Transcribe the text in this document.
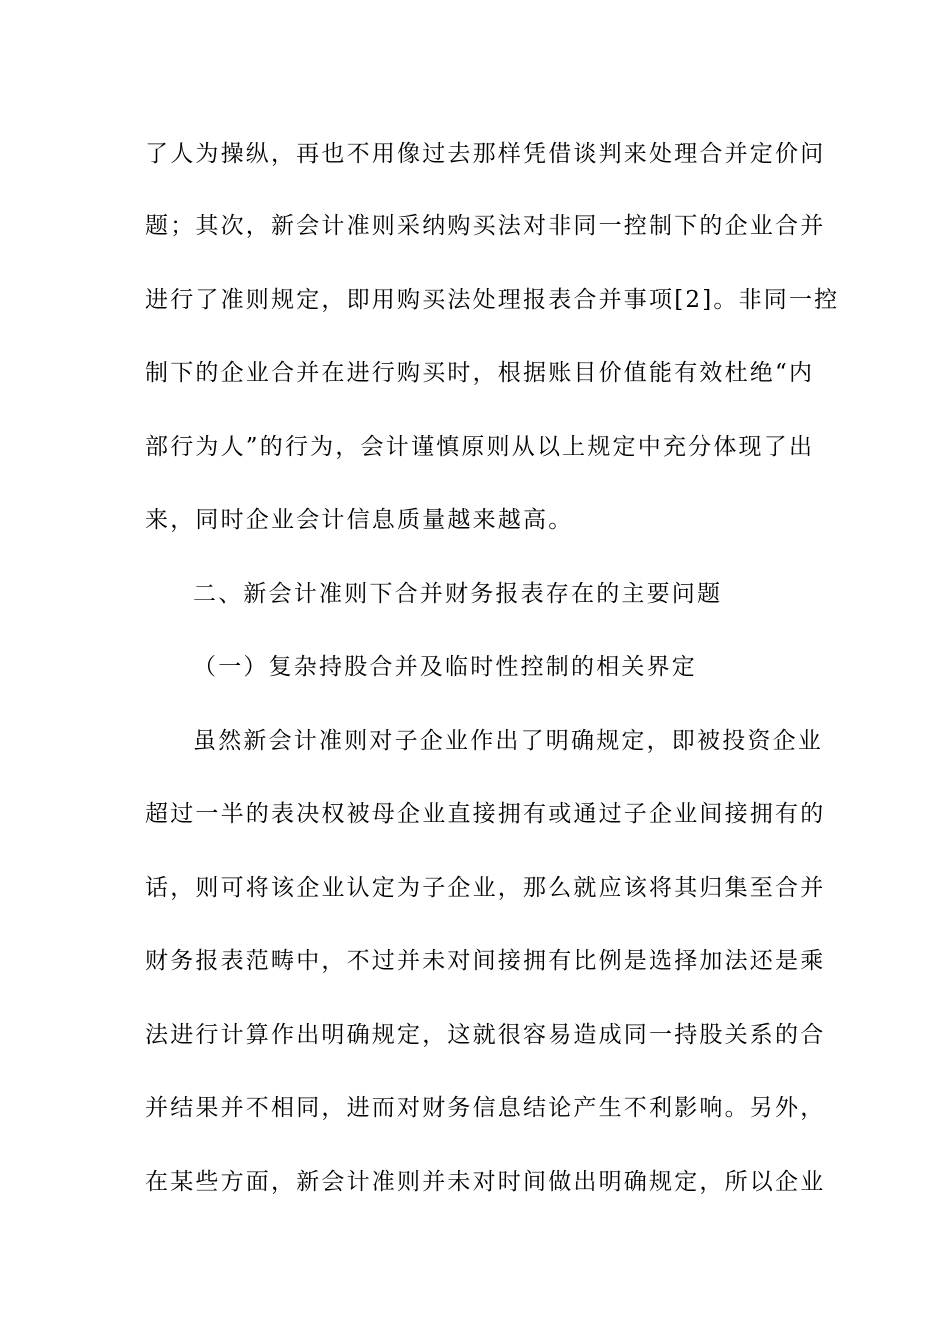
了人为操纵，再也不用像过去那样凭借谈判来处理合并定价问
题；其次，新会计准则采纳购买法对非同一控制下的企业合并
进行了准则规定，即用购买法处理报表合并事项[2]。非同一控
制下的企业合并在进行购买时，根据账目价值能有效杜绝“内
部行为人”的行为，会计谨慎原则从以上规定中充分体现了出
来，同时企业会计信息质量越来越高。
二、新会计准则下合并财务报表存在的主要问题
（一）复杂持股合并及临时性控制的相关界定
虽然新会计准则对子企业作出了明确规定，即被投资企业
超过一半的表决权被母企业直接拥有或通过子企业间接拥有的
话，则可将该企业认定为子企业，那么就应该将其归集至合并
财务报表范畴中，不过并未对间接拥有比例是选择加法还是乘
法进行计算作出明确规定，这就很容易造成同一持股关系的合
并结果并不相同，进而对财务信息结论产生不利影响。另外，
在某些方面，新会计准则并未对时间做出明确规定，所以企业
